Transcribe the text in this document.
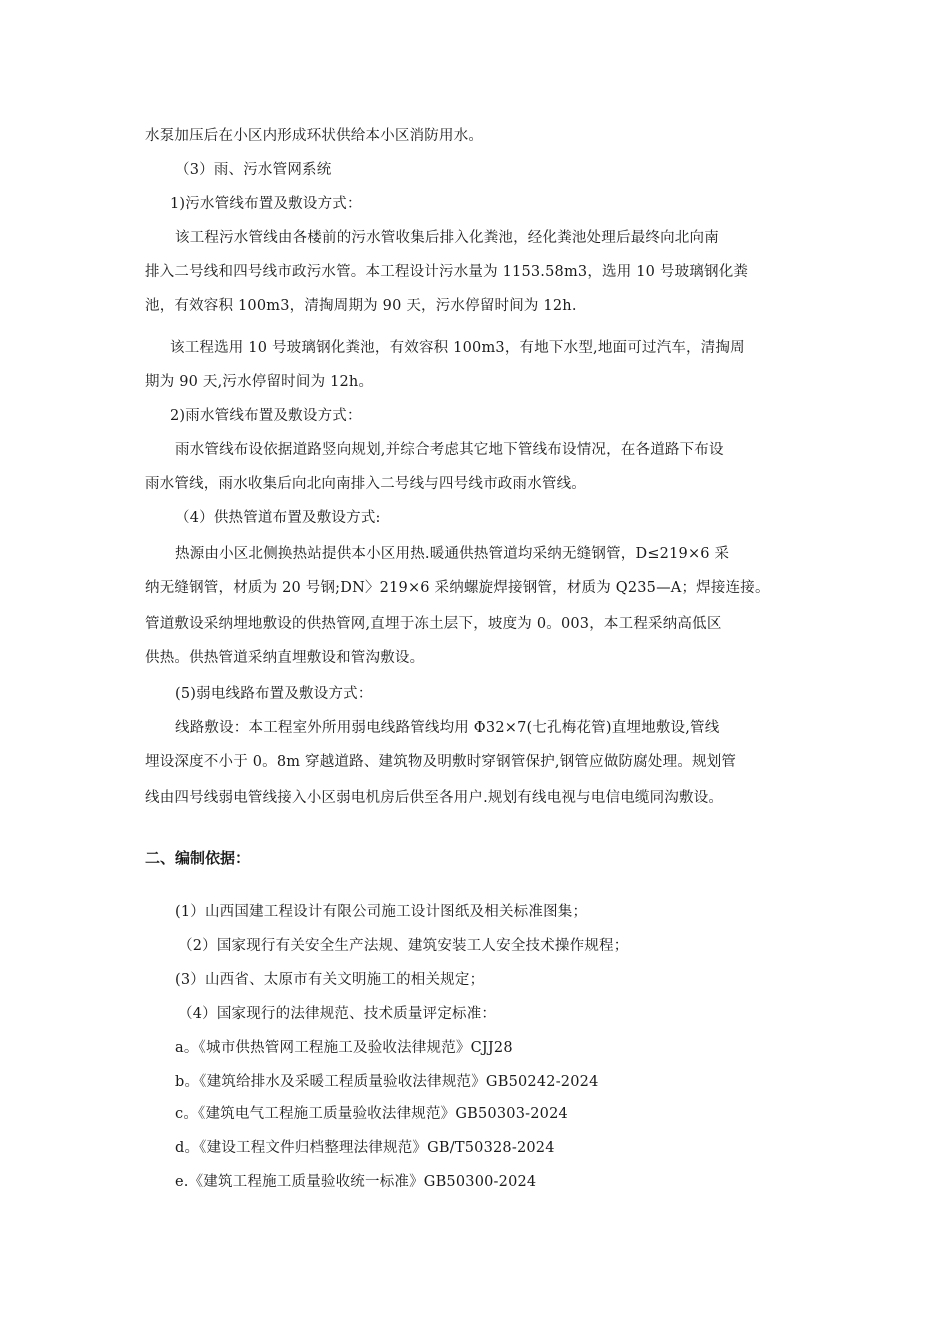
水泵加压后在小区内形成环状供给本小区消防用水。
（3）雨、污水管网系统
1)污水管线布置及敷设方式：
该工程污水管线由各楼前的污水管收集后排入化粪池，经化粪池处理后最终向北向南
排入二号线和四号线市政污水管。本工程设计污水量为 1153.58m3，选用 10 号玻璃钢化粪
池，有效容积 100m3，清掏周期为 90 天，污水停留时间为 12h.
该工程选用 10 号玻璃钢化粪池，有效容积 100m3，有地下水型,地面可过汽车，清掏周
期为 90 天,污水停留时间为 12h。
2)雨水管线布置及敷设方式：
雨水管线布设依据道路竖向规划,并综合考虑其它地下管线布设情况，在各道路下布设
雨水管线，雨水收集后向北向南排入二号线与四号线市政雨水管线。
（4）供热管道布置及敷设方式:
热源由小区北侧换热站提供本小区用热.暖通供热管道均采纳无缝钢管，D≤219×6 采
纳无缝钢管，材质为 20 号钢;DN〉219×6 采纳螺旋焊接钢管，材质为 Q235—A；焊接连接。
管道敷设采纳埋地敷设的供热管网,直埋于冻土层下，坡度为 0。003，本工程采纳高低区
供热。供热管道采纳直埋敷设和管沟敷设。
(5)弱电线路布置及敷设方式：
线路敷设：本工程室外所用弱电线路管线均用 Φ32×7(七孔梅花管)直埋地敷设,管线
埋设深度不小于 0。8m 穿越道路、建筑物及明敷时穿钢管保护,钢管应做防腐处理。规划管
线由四号线弱电管线接入小区弱电机房后供至各用户.规划有线电视与电信电缆同沟敷设。
二、编制依据：
(1）山西国建工程设计有限公司施工设计图纸及相关标准图集；
（2）国家现行有关安全生产法规、建筑安装工人安全技术操作规程；
(3）山西省、太原市有关文明施工的相关规定；
（4）国家现行的法律规范、技术质量评定标准：
a。《城市供热管网工程施工及验收法律规范》CJJ28
b。《建筑给排水及采暖工程质量验收法律规范》GB50242-2024
c。《建筑电气工程施工质量验收法律规范》GB50303-2024
d。《建设工程文件归档整理法律规范》GB/T50328-2024
e.《建筑工程施工质量验收统一标准》GB50300-2024
